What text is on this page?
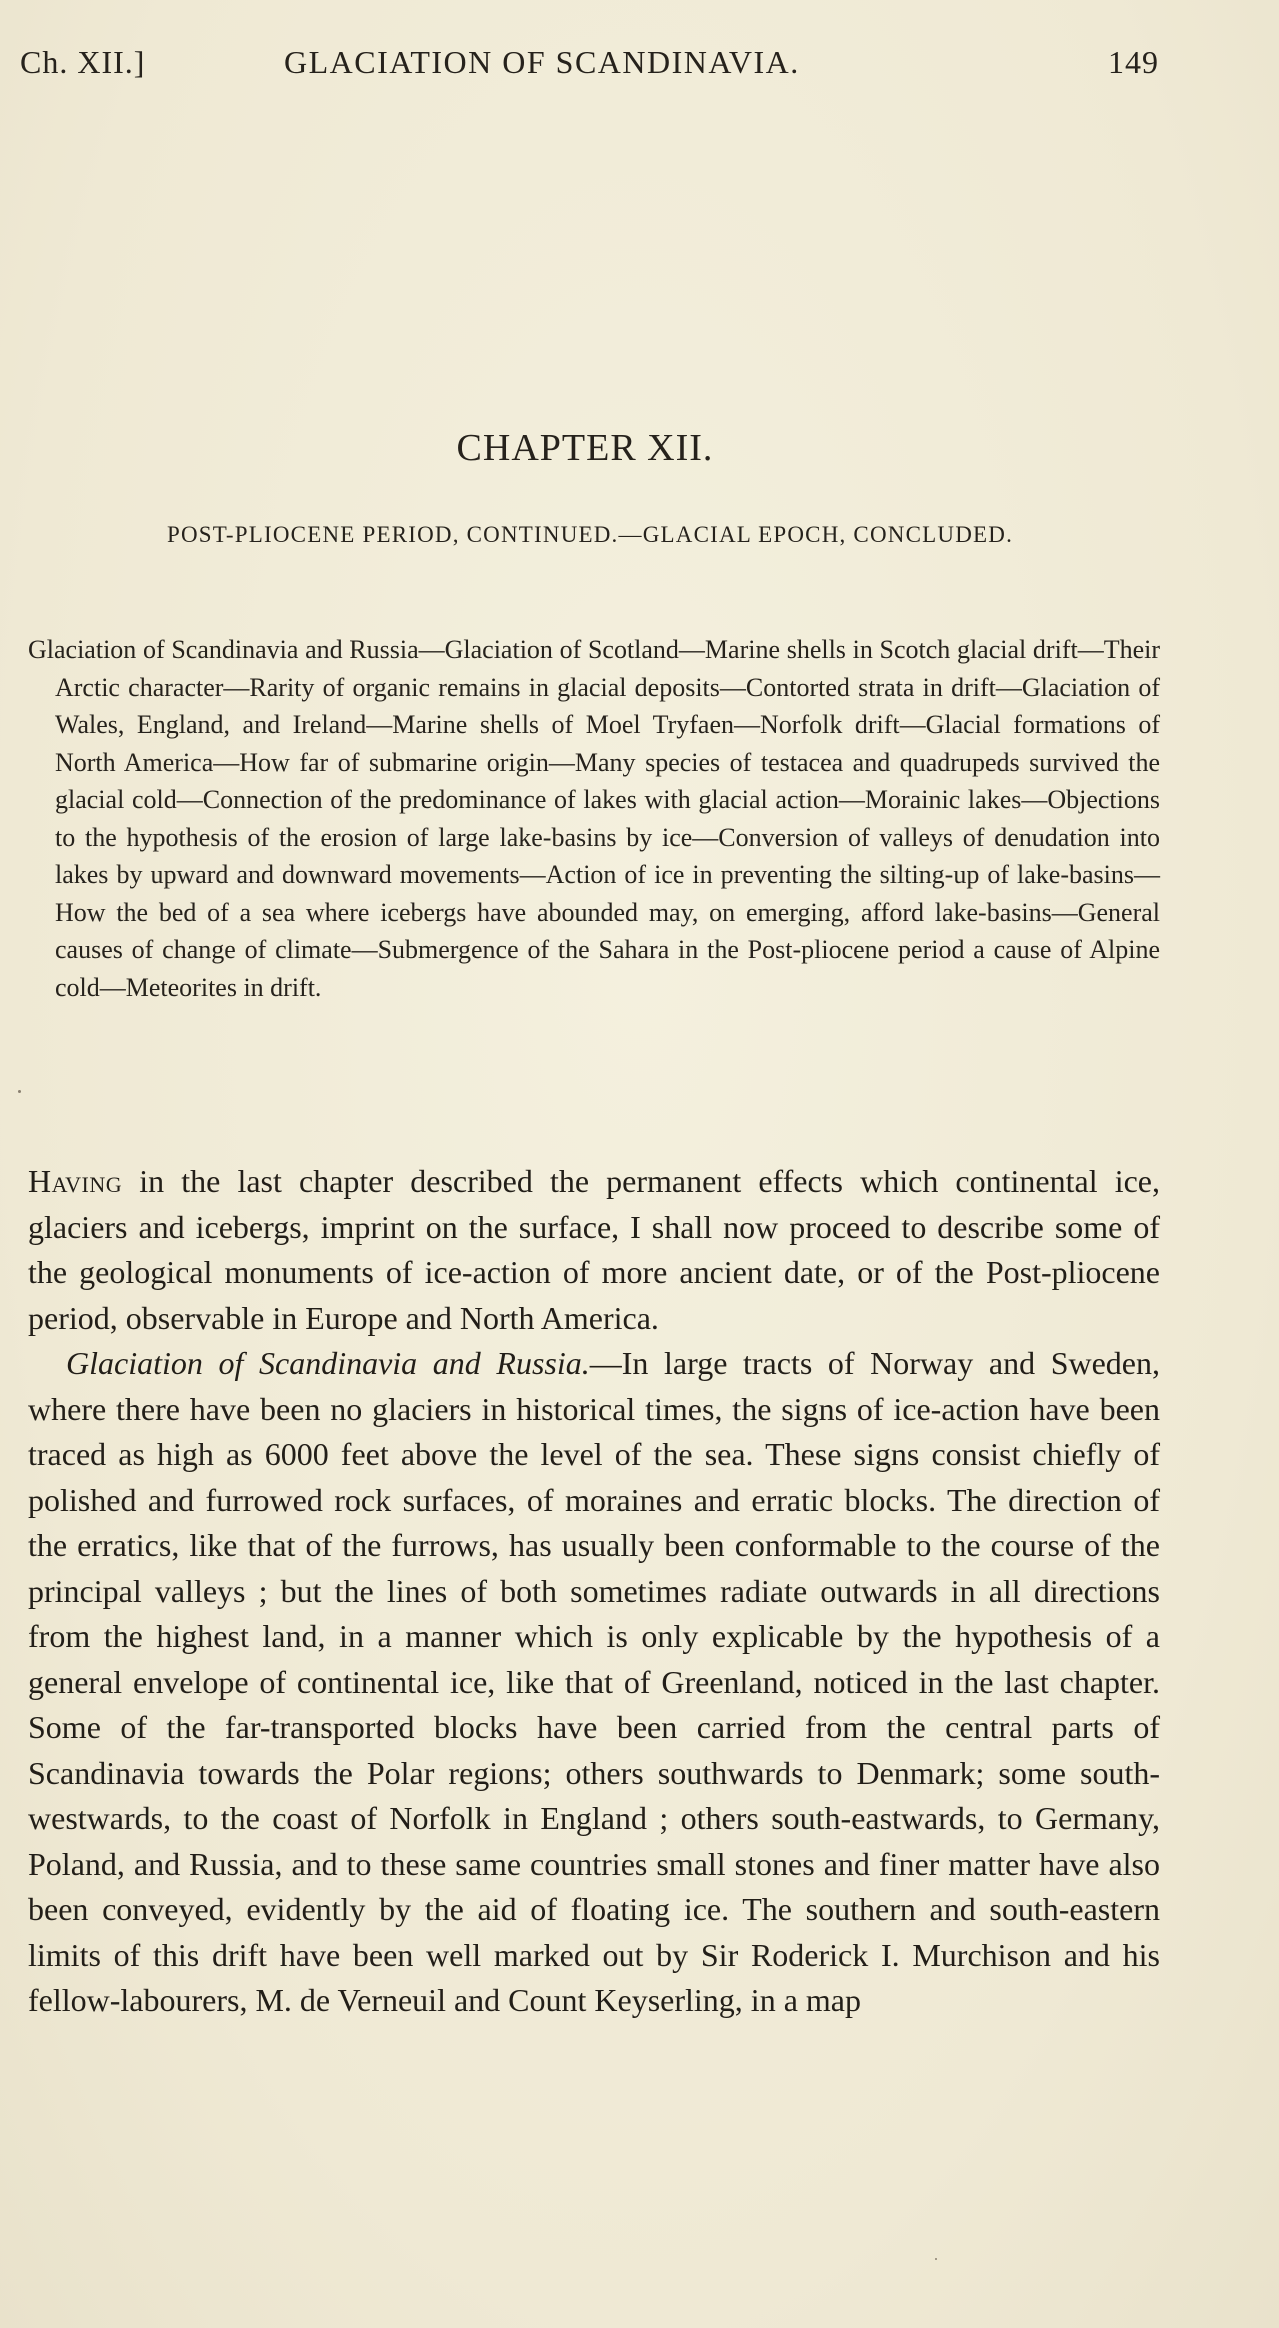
Ch. XII.]	GLACIATION OF SCANDINAVIA.	149
CHAPTER XII.
POST-PLIOCENE PERIOD, CONTINUED.—GLACIAL EPOCH, CONCLUDED.
Glaciation of Scandinavia and Russia—Glaciation of Scotland—Marine shells in Scotch glacial drift—Their Arctic character—Rarity of organic remains in glacial deposits—Contorted strata in drift—Glaciation of Wales, England, and Ireland—Marine shells of Moel Tryfaen—Norfolk drift—Glacial formations of North America—How far of submarine origin—Many species of testacea and quadrupeds survived the glacial cold—Connection of the predominance of lakes with glacial action—Morainic lakes—Objections to the hypothesis of the erosion of large lake-basins by ice—Conversion of valleys of denudation into lakes by upward and downward movements—Action of ice in preventing the silting-up of lake-basins—How the bed of a sea where icebergs have abounded may, on emerging, afford lake-basins—General causes of change of climate—Submergence of the Sahara in the Post-pliocene period a cause of Alpine cold—Meteorites in drift.

Having in the last chapter described the permanent effects which continental ice, glaciers and icebergs, imprint on the surface, I shall now proceed to describe some of the geological monuments of ice-action of more ancient date, or of the Post-pliocene period, observable in Europe and North America.

Glaciation of Scandinavia and Russia.—In large tracts of Norway and Sweden, where there have been no glaciers in historical times, the signs of ice-action have been traced as high as 6000 feet above the level of the sea. These signs consist chiefly of polished and furrowed rock surfaces, of moraines and erratic blocks. The direction of the erratics, like that of the furrows, has usually been conformable to the course of the principal valleys ; but the lines of both sometimes radiate outwards in all directions from the highest land, in a manner which is only explicable by the hypothesis of a general envelope of continental ice, like that of Greenland, noticed in the last chapter. Some of the far-transported blocks have been carried from the central parts of Scandinavia towards the Polar regions; others southwards to Denmark; some south-westwards, to the coast of Norfolk in England ; others south-eastwards, to Germany, Poland, and Russia, and to these same countries small stones and finer matter have also been conveyed, evidently by the aid of floating ice. The southern and south-eastern limits of this drift have been well marked out by Sir Roderick I. Murchison and his fellow-labourers, M. de Verneuil and Count Keyserling, in a map
